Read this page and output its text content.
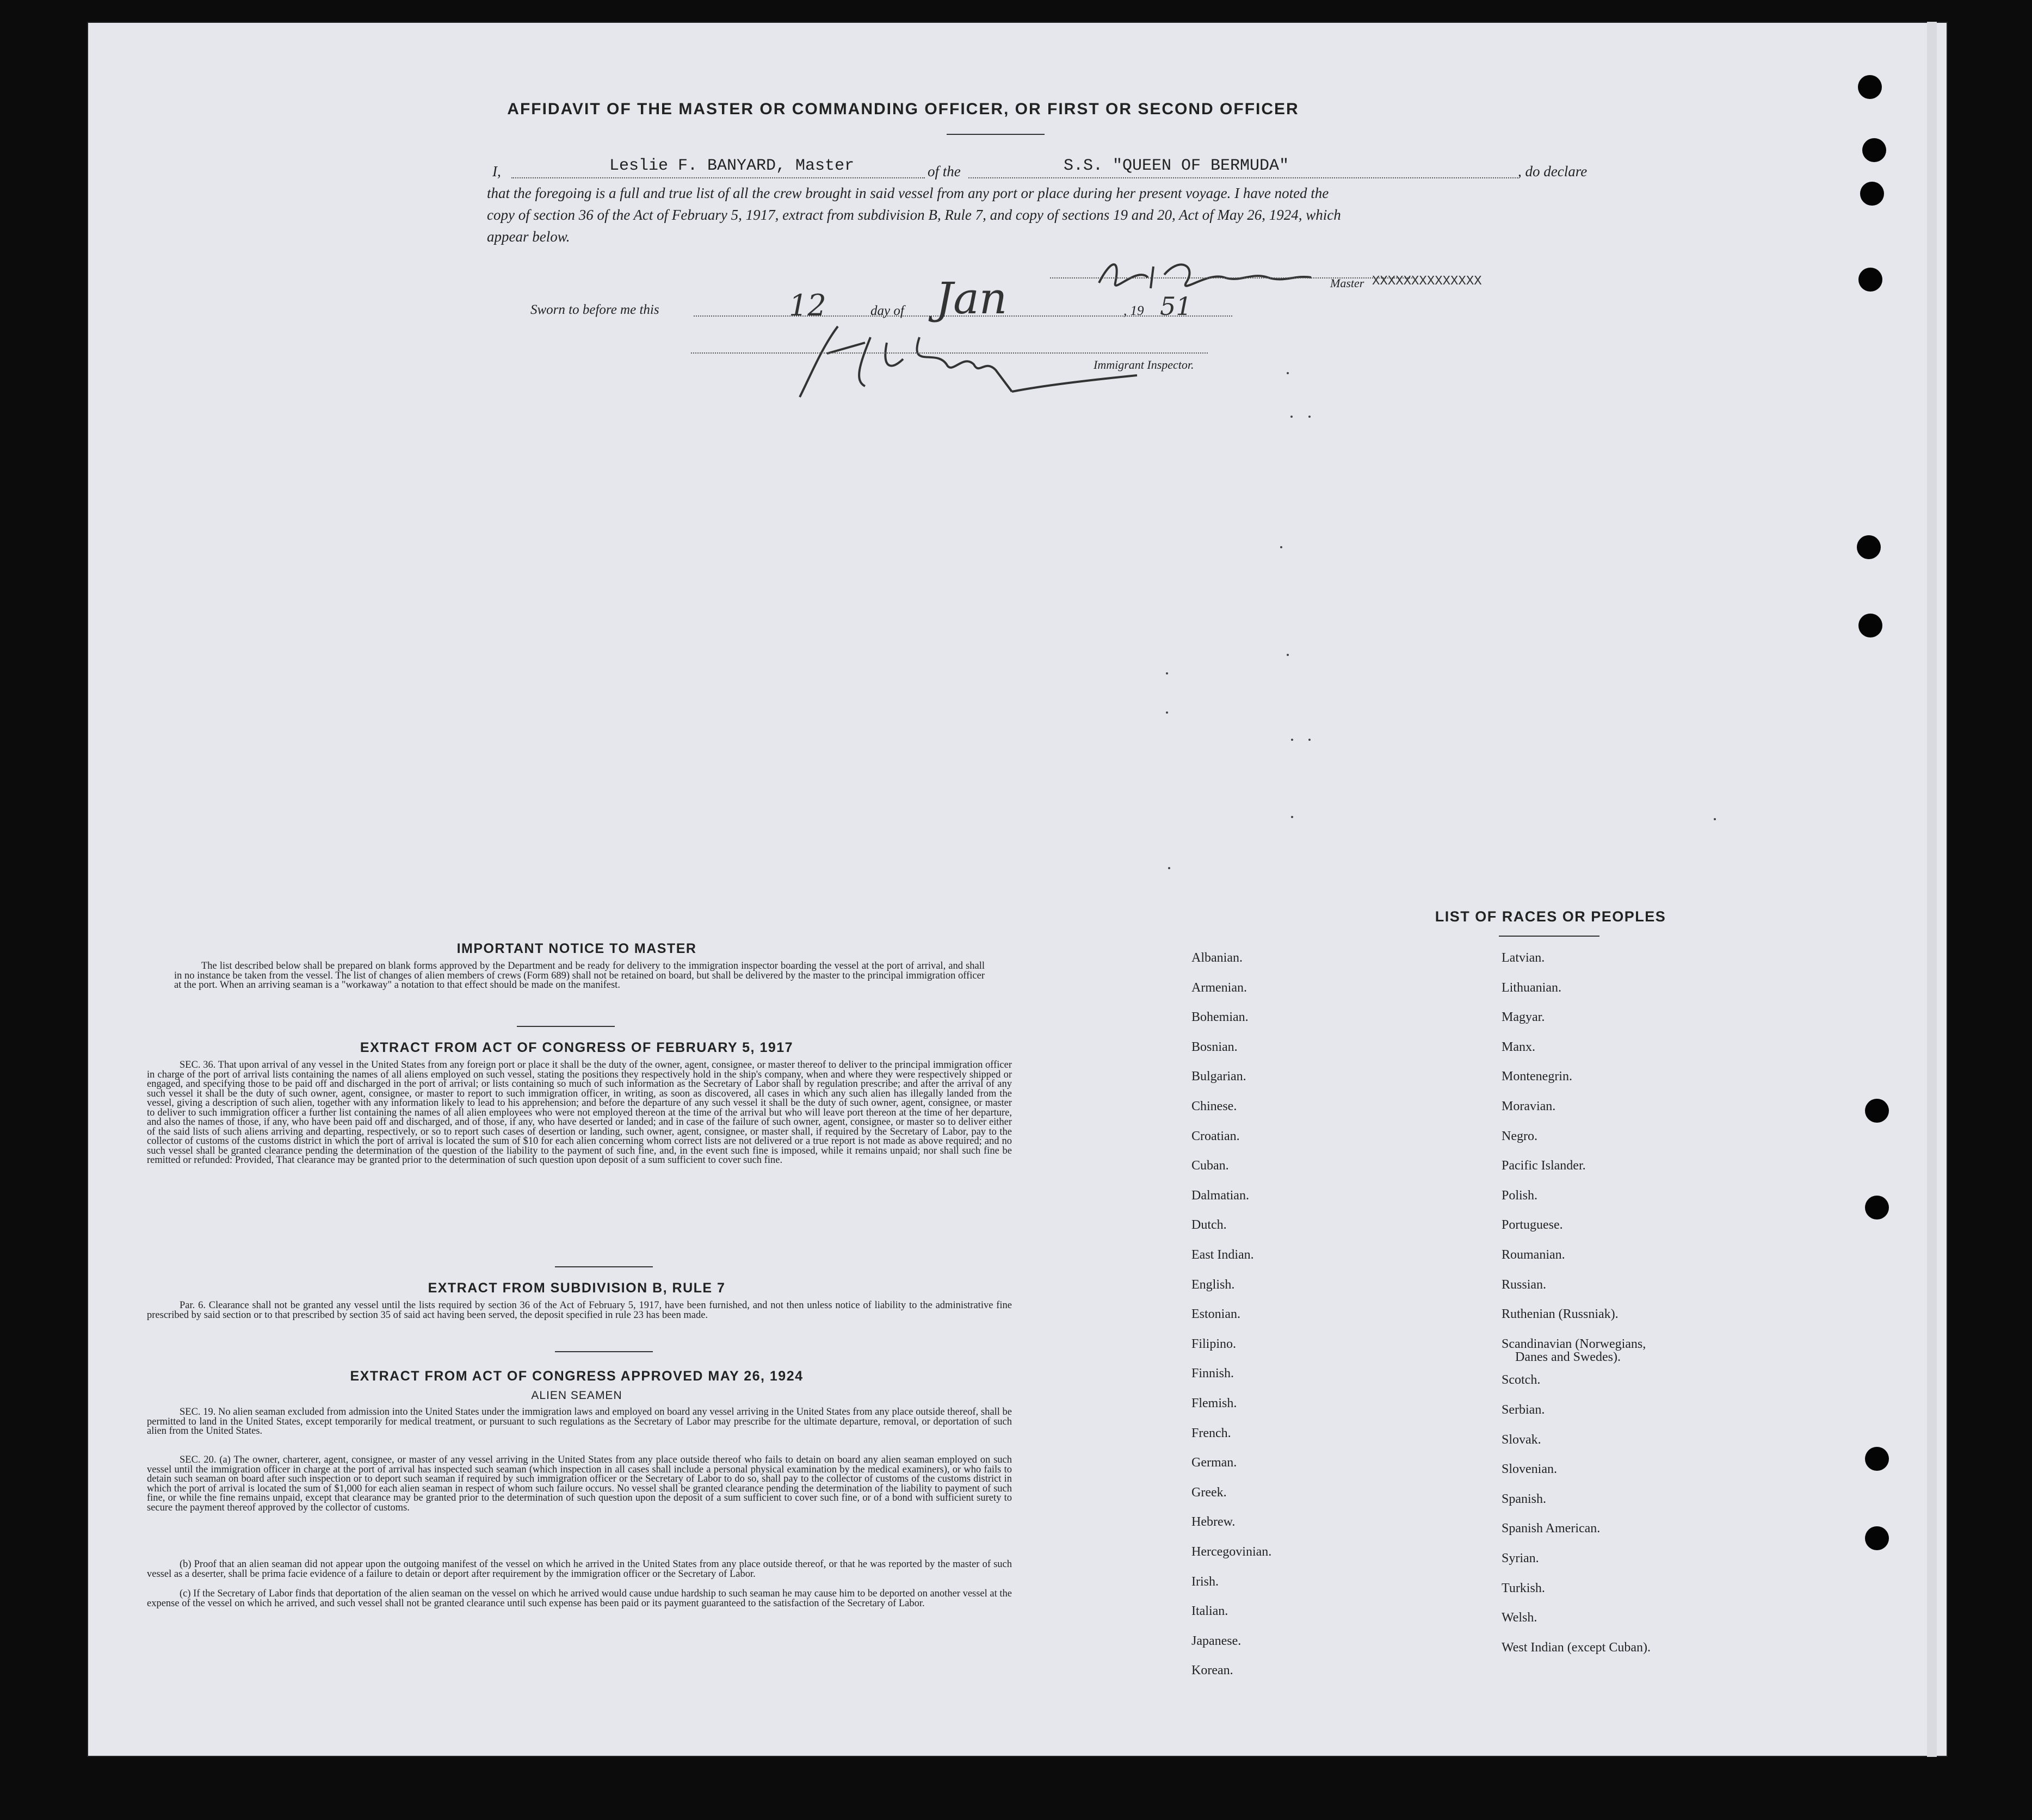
AFFIDAVIT OF THE MASTER OR COMMANDING OFFICER, OR FIRST OR SECOND OFFICER
I,	Leslie F. BANYARD, Master	of the	S.S. "QUEEN OF BERMUDA"	, do declare
that the foregoing is a full and true list of all the crew brought in said vessel from any port or place during her present voyage. I have noted the
copy of section 36 of the Act of February 5, 1917, extract from subdivision B, Rule 7, and copy of sections 19 and 20, Act of May 26, 1924, which
appear below.
Master XXXXXXXXXXXXXX
Sworn to before me this	12	day of Jan	, 19 51
Immigrant Inspector.
IMPORTANT NOTICE TO MASTER
The list described below shall be prepared on blank forms approved by the Department and be ready for delivery to the immigration inspector boarding the vessel at the port of arrival, and shall in no instance be taken from the vessel. The list of changes of alien members of crews (Form 689) shall not be retained on board, but shall be delivered by the master to the principal immigration officer at the port. When an arriving seaman is a "workaway" a notation to that effect should be made on the manifest.
EXTRACT FROM ACT OF CONGRESS OF FEBRUARY 5, 1917
SEC. 36. That upon arrival of any vessel in the United States from any foreign port or place it shall be the duty of the owner, agent, consignee, or master thereof to deliver to the principal immigration officer in charge of the port of arrival lists containing the names of all aliens employed on such vessel, stating the positions they respectively hold in the ship's company, when and where they were respectively shipped or engaged, and specifying those to be paid off and discharged in the port of arrival; or lists containing so much of such information as the Secretary of Labor shall by regulation prescribe; and after the arrival of any such vessel it shall be the duty of such owner, agent, consignee, or master to report to such immigration officer, in writing, as soon as discovered, all cases in which any such alien has illegally landed from the vessel, giving a description of such alien, together with any information likely to lead to his apprehension; and before the departure of any such vessel it shall be the duty of such owner, agent, consignee, or master to deliver to such immigration officer a further list containing the names of all alien employees who were not employed thereon at the time of the arrival but who will leave port thereon at the time of her departure, and also the names of those, if any, who have been paid off and discharged, and of those, if any, who have deserted or landed; and in case of the failure of such owner, agent, consignee, or master so to deliver either of the said lists of such aliens arriving and departing, respectively, or so to report such cases of desertion or landing, such owner, agent, consignee, or master shall, if required by the Secretary of Labor, pay to the collector of customs of the customs district in which the port of arrival is located the sum of $10 for each alien concerning whom correct lists are not delivered or a true report is not made as above required; and no such vessel shall be granted clearance pending the determination of the question of the liability to the payment of such fine, and, in the event such fine is imposed, while it remains unpaid; nor shall such fine be remitted or refunded: Provided, That clearance may be granted prior to the determination of such question upon deposit of a sum sufficient to cover such fine.
EXTRACT FROM SUBDIVISION B, RULE 7
Par. 6. Clearance shall not be granted any vessel until the lists required by section 36 of the Act of February 5, 1917, have been furnished, and not then unless notice of liability to the administrative fine prescribed by said section or to that prescribed by section 35 of said act having been served, the deposit specified in rule 23 has been made.
EXTRACT FROM ACT OF CONGRESS APPROVED MAY 26, 1924
ALIEN SEAMEN
SEC. 19. No alien seaman excluded from admission into the United States under the immigration laws and employed on board any vessel arriving in the United States from any place outside thereof, shall be permitted to land in the United States, except temporarily for medical treatment, or pursuant to such regulations as the Secretary of Labor may prescribe for the ultimate departure, removal, or deportation of such alien from the United States.
SEC. 20. (a) The owner, charterer, agent, consignee, or master of any vessel arriving in the United States from any place outside thereof who fails to detain on board any alien seaman employed on such vessel until the immigration officer in charge at the port of arrival has inspected such seaman (which inspection in all cases shall include a personal physical examination by the medical examiners), or who fails to detain such seaman on board after such inspection or to deport such seaman if required by such immigration officer or the Secretary of Labor to do so, shall pay to the collector of customs of the customs district in which the port of arrival is located the sum of $1,000 for each alien seaman in respect of whom such failure occurs. No vessel shall be granted clearance pending the determination of the liability to payment of such fine, or while the fine remains unpaid, except that clearance may be granted prior to the determination of such question upon the deposit of a sum sufficient to cover such fine, or of a bond with sufficient surety to secure the payment thereof approved by the collector of customs.
(b) Proof that an alien seaman did not appear upon the outgoing manifest of the vessel on which he arrived in the United States from any place outside thereof, or that he was reported by the master of such vessel as a deserter, shall be prima facie evidence of a failure to detain or deport after requirement by the immigration officer or the Secretary of Labor.
(c) If the Secretary of Labor finds that deportation of the alien seaman on the vessel on which he arrived would cause undue hardship to such seaman he may cause him to be deported on another vessel at the expense of the vessel on which he arrived, and such vessel shall not be granted clearance until such expense has been paid or its payment guaranteed to the satisfaction of the Secretary of Labor.
LIST OF RACES OR PEOPLES
Albanian.
Armenian.
Bohemian.
Bosnian.
Bulgarian.
Chinese.
Croatian.
Cuban.
Dalmatian.
Dutch.
East Indian.
English.
Estonian.
Filipino.
Finnish.
Flemish.
French.
German.
Greek.
Hebrew.
Hercegovinian.
Irish.
Italian.
Japanese.
Korean.
Latvian.
Lithuanian.
Magyar.
Manx.
Montenegrin.
Moravian.
Negro.
Pacific Islander.
Polish.
Portuguese.
Roumanian.
Russian.
Ruthenian (Russniak).
Scandinavian (Norwegians,
Danes and Swedes).
Scotch.
Serbian.
Slovak.
Slovenian.
Spanish.
Spanish American.
Syrian.
Turkish.
Welsh.
West Indian (except Cuban).
